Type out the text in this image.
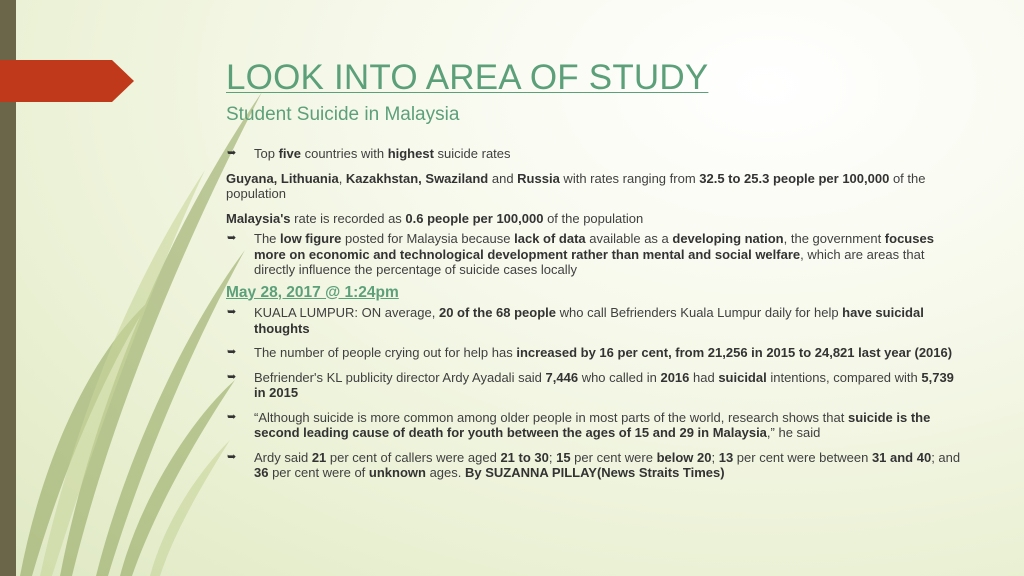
LOOK INTO AREA OF STUDY
Student Suicide in Malaysia
➥ Top five countries with highest suicide rates
Guyana, Lithuania, Kazakhstan, Swaziland and Russia with rates ranging from 32.5 to 25.3 people per 100,000 of the population
Malaysia's rate is recorded as 0.6 people per 100,000 of the population
➥ The low figure posted for Malaysia because lack of data available as a developing nation, the government focuses more on economic and technological development rather than mental and social welfare, which are areas that directly influence the percentage of suicide cases locally
May 28, 2017 @ 1:24pm
➥ KUALA LUMPUR: ON average, 20 of the 68 people who call Befrienders Kuala Lumpur daily for help have suicidal thoughts
➥ The number of people crying out for help has increased by 16 per cent, from 21,256 in 2015 to 24,821 last year (2016)
➥ Befriender's KL publicity director Ardy Ayadali said 7,446 who called in 2016 had suicidal intentions, compared with 5,739 in 2015
➥ “Although suicide is more common among older people in most parts of the world, research shows that suicide is the second leading cause of death for youth between the ages of 15 and 29 in Malaysia,” he said
➥ Ardy said 21 per cent of callers were aged 21 to 30; 15 per cent were below 20; 13 per cent were between 31 and 40; and 36 per cent were of unknown ages. By SUZANNA PILLAY(News Straits Times)
